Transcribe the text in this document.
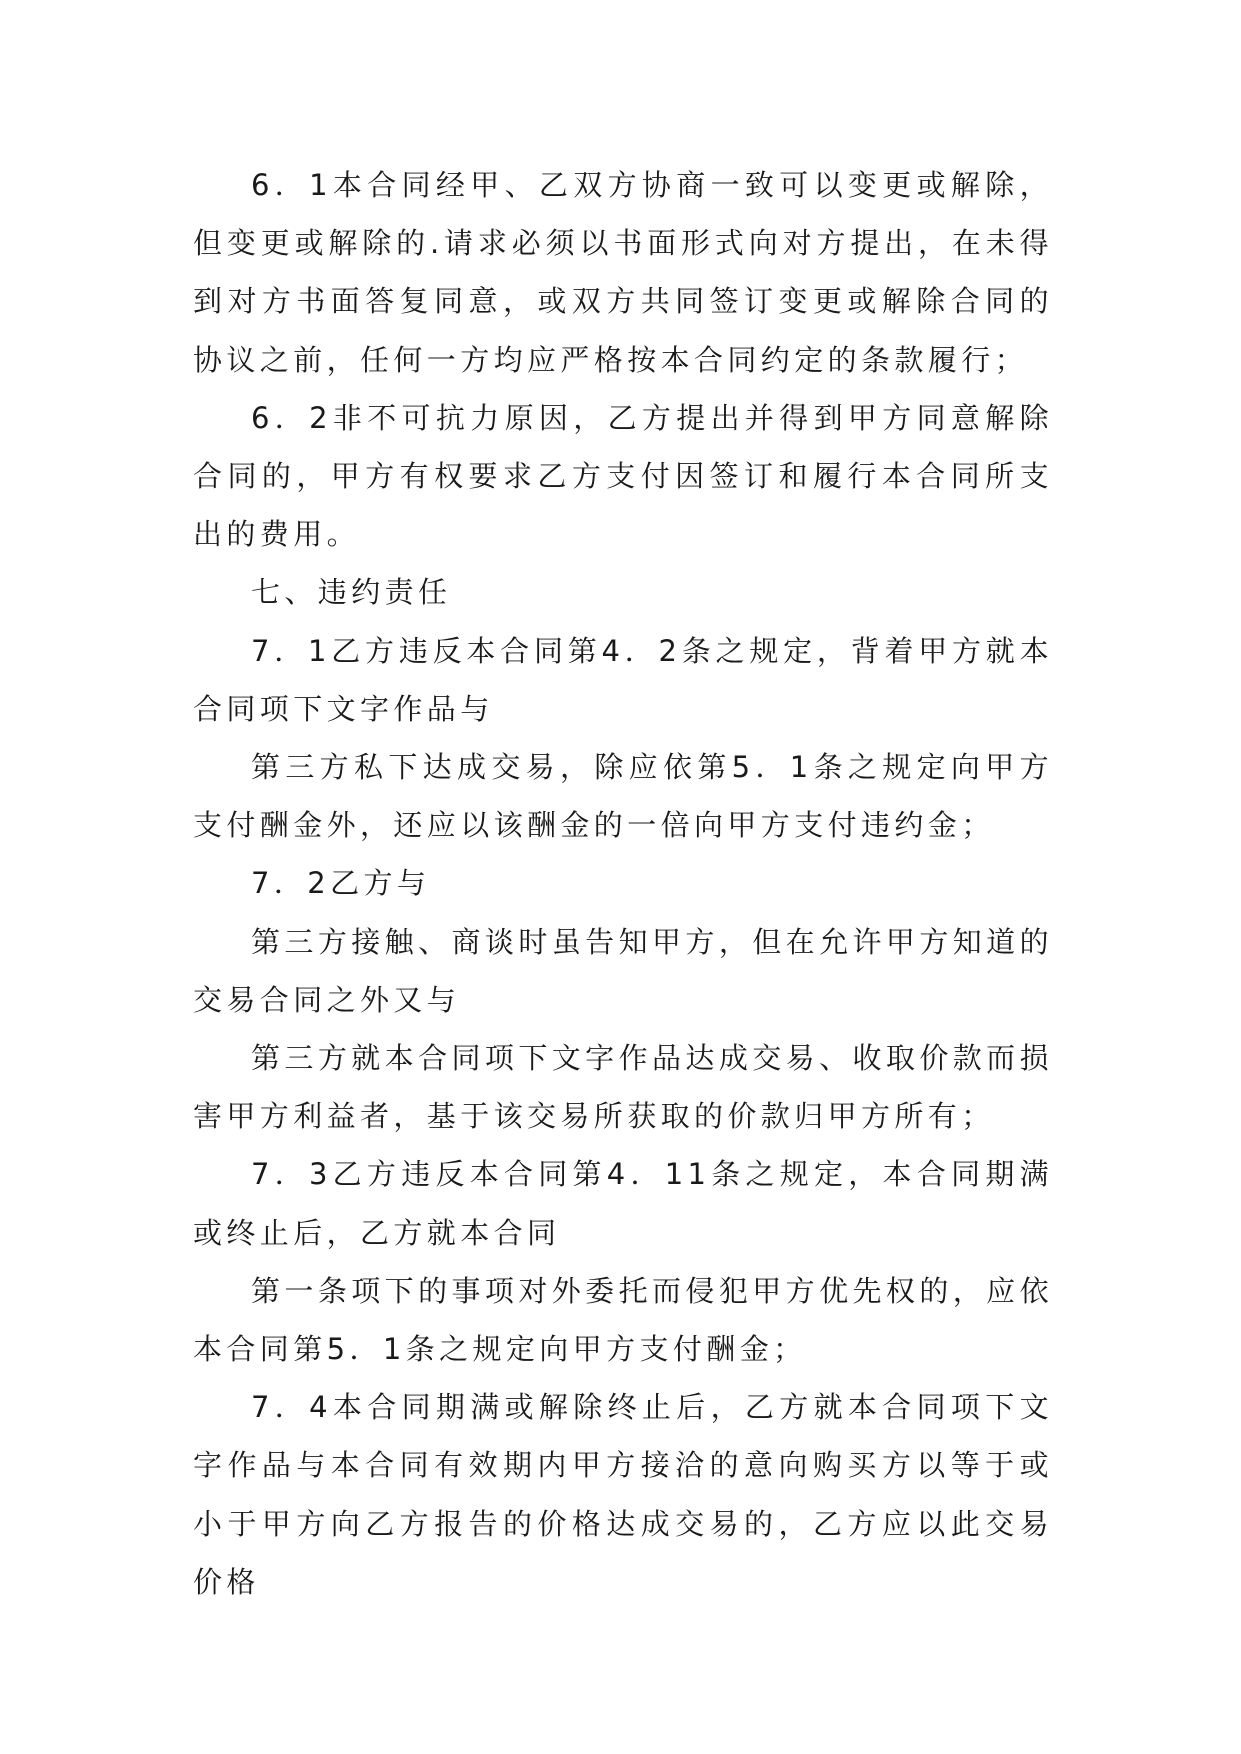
6．1本合同经甲、乙双方协商一致可以变更或解除，但变更或解除的.请求必须以书面形式向对方提出，在未得到对方书面答复同意，或双方共同签订变更或解除合同的协议之前，任何一方均应严格按本合同约定的条款履行；

6．2非不可抗力原因，乙方提出并得到甲方同意解除合同的，甲方有权要求乙方支付因签订和履行本合同所支出的费用。

七、违约责任

7．1乙方违反本合同第4．2条之规定，背着甲方就本合同项下文字作品与

第三方私下达成交易，除应依第5．1条之规定向甲方支付酬金外，还应以该酬金的一倍向甲方支付违约金；

7．2乙方与

第三方接触、商谈时虽告知甲方，但在允许甲方知道的交易合同之外又与

第三方就本合同项下文字作品达成交易、收取价款而损害甲方利益者，基于该交易所获取的价款归甲方所有；

7．3乙方违反本合同第4．11条之规定，本合同期满或终止后，乙方就本合同

第一条项下的事项对外委托而侵犯甲方优先权的，应依本合同第5．1条之规定向甲方支付酬金；

7．4本合同期满或解除终止后，乙方就本合同项下文字作品与本合同有效期内甲方接洽的意向购买方以等于或小于甲方向乙方报告的价格达成交易的，乙方应以此交易价格
